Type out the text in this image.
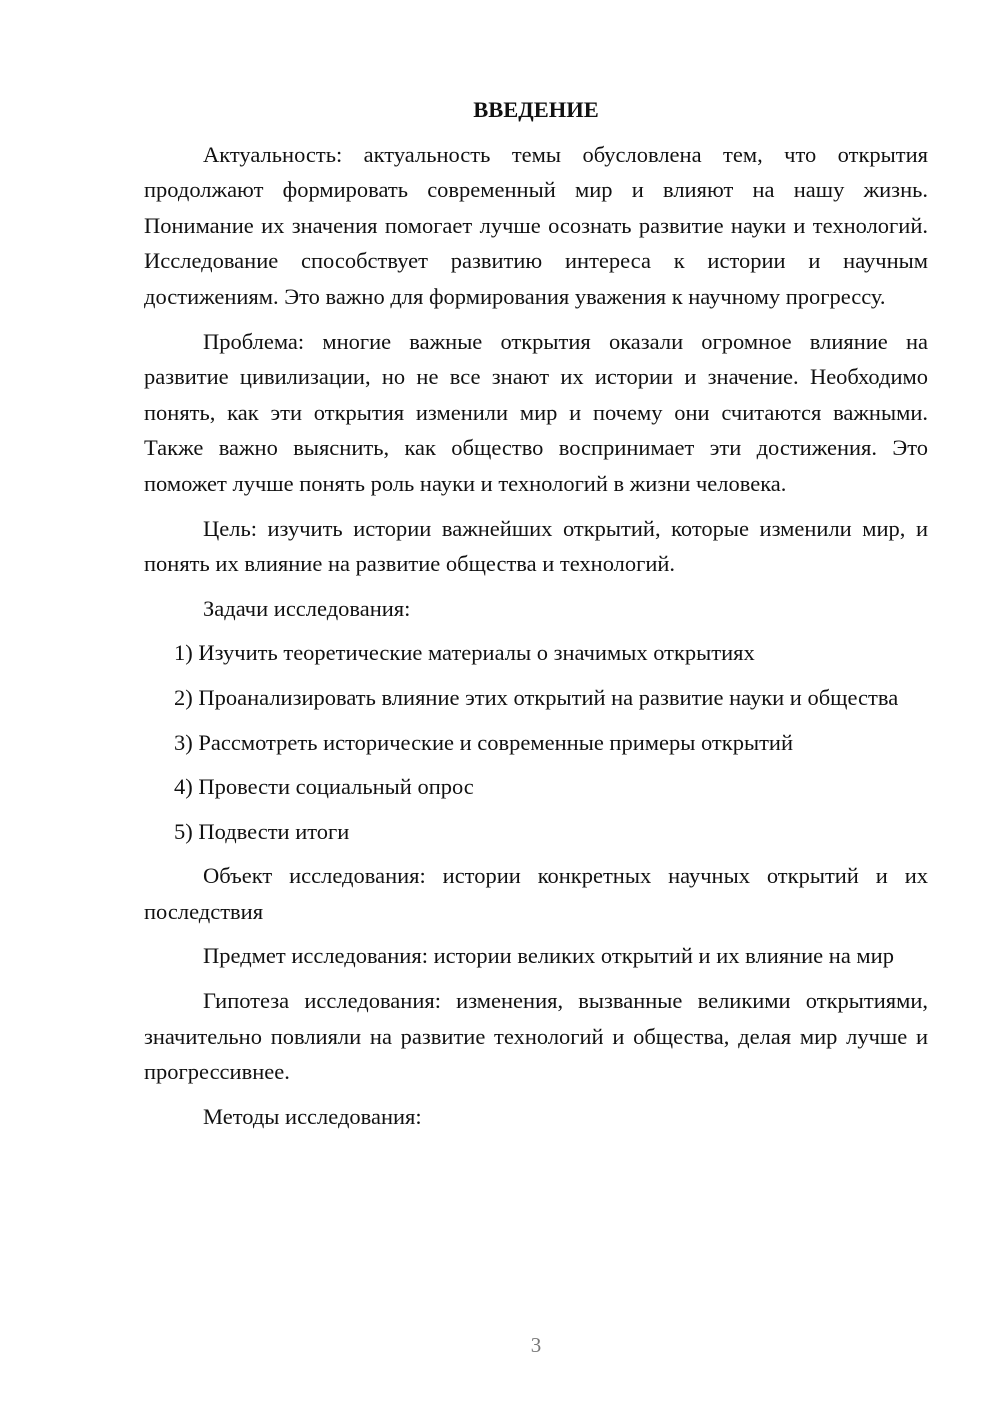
ВВЕДЕНИЕ

Актуальность: актуальность темы обусловлена тем, что открытия продолжают формировать современный мир и влияют на нашу жизнь. Понимание их значения помогает лучше осознать развитие науки и технологий. Исследование способствует развитию интереса к истории и научным достижениям. Это важно для формирования уважения к научному прогрессу.

Проблема: многие важные открытия оказали огромное влияние на развитие цивилизации, но не все знают их истории и значение. Необходимо понять, как эти открытия изменили мир и почему они считаются важными. Также важно выяснить, как общество воспринимает эти достижения. Это поможет лучше понять роль науки и технологий в жизни человека.

Цель: изучить истории важнейших открытий, которые изменили мир, и понять их влияние на развитие общества и технологий.

Задачи исследования:

1) Изучить теоретические материалы о значимых открытиях

2) Проанализировать влияние этих открытий на развитие науки и общества

3) Рассмотреть исторические и современные примеры открытий

4) Провести социальный опрос

5) Подвести итоги

Объект исследования: истории конкретных научных открытий и их последствия

Предмет исследования: истории великих открытий и их влияние на мир

Гипотеза исследования: изменения, вызванные великими открытиями, значительно повлияли на развитие технологий и общества, делая мир лучше и прогрессивнее.

Методы исследования:

3
